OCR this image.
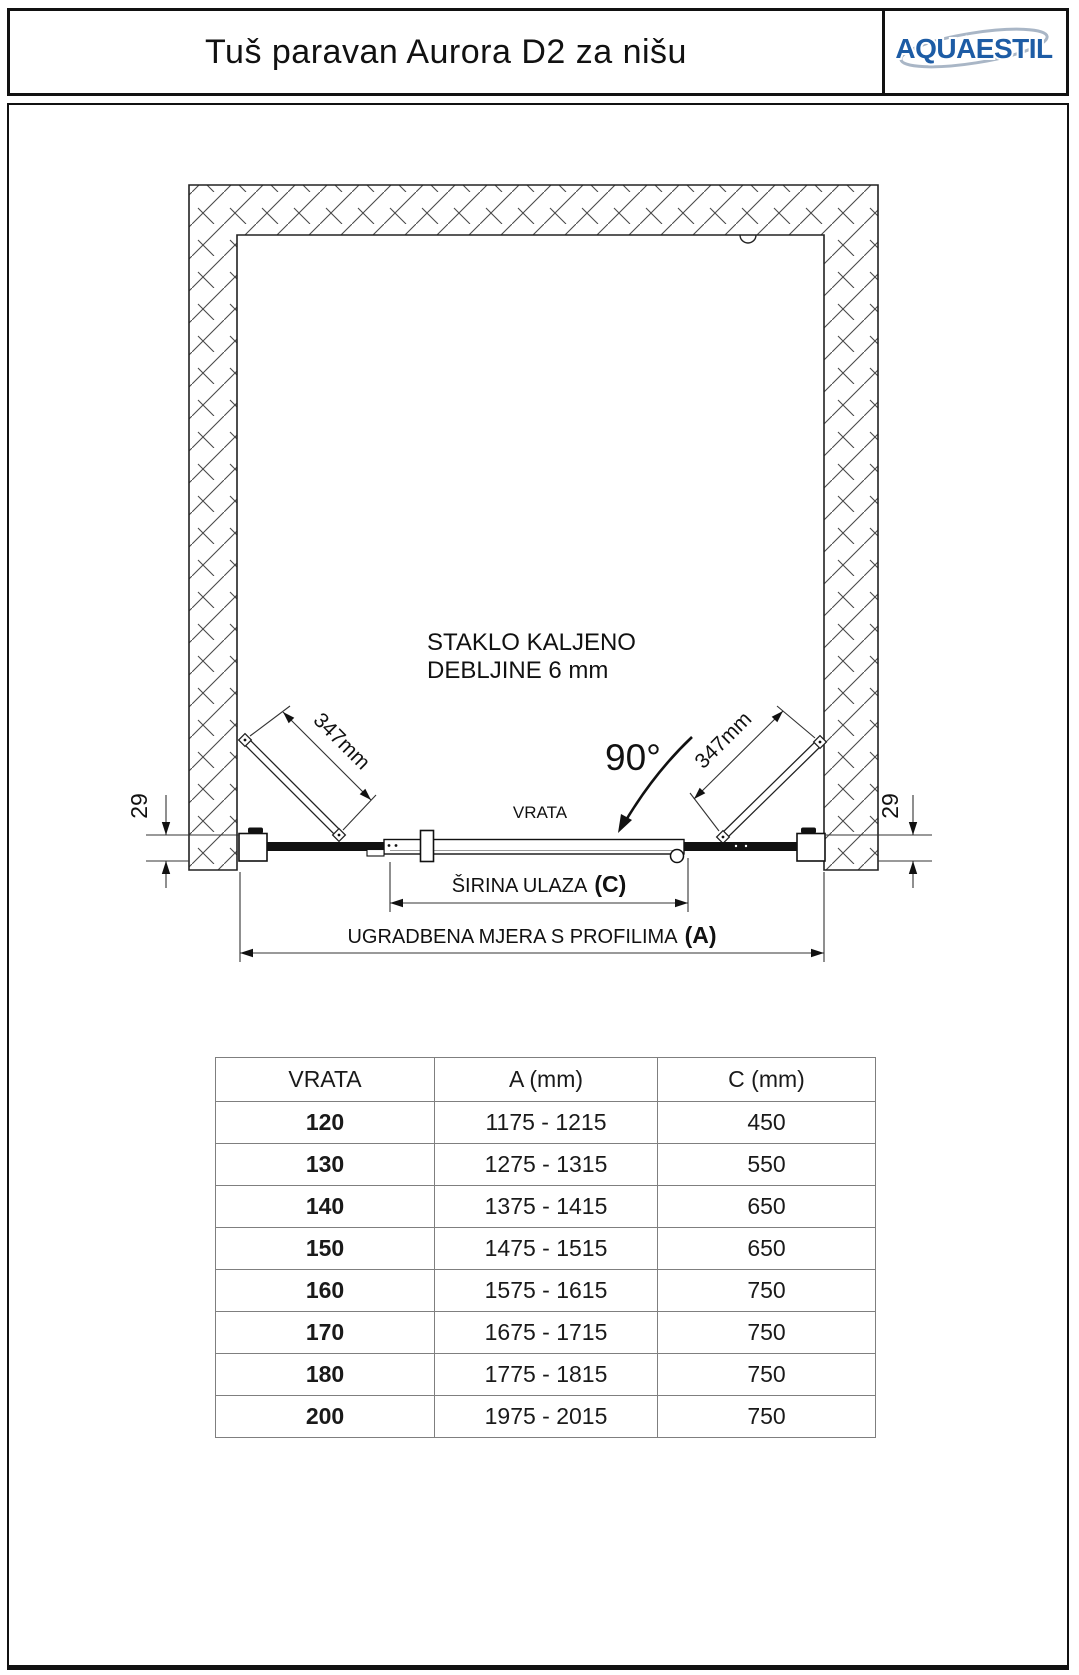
Tuš paravan Aurora D2 za nišu	AQUAESTIL
STAKLO KALJENO
DEBLJINE 6 mm
347mm	347mm
90°
VRATA
29	29
ŠIRINA ULAZA (C)
UGRADBENA MJERA S PROFILIMA (A)
VRATA	A (mm)	C (mm)
120	1175 - 1215	450
130	1275 - 1315	550
140	1375 - 1415	650
150	1475 - 1515	650
160	1575 - 1615	750
170	1675 - 1715	750
180	1775 - 1815	750
200	1975 - 2015	750
